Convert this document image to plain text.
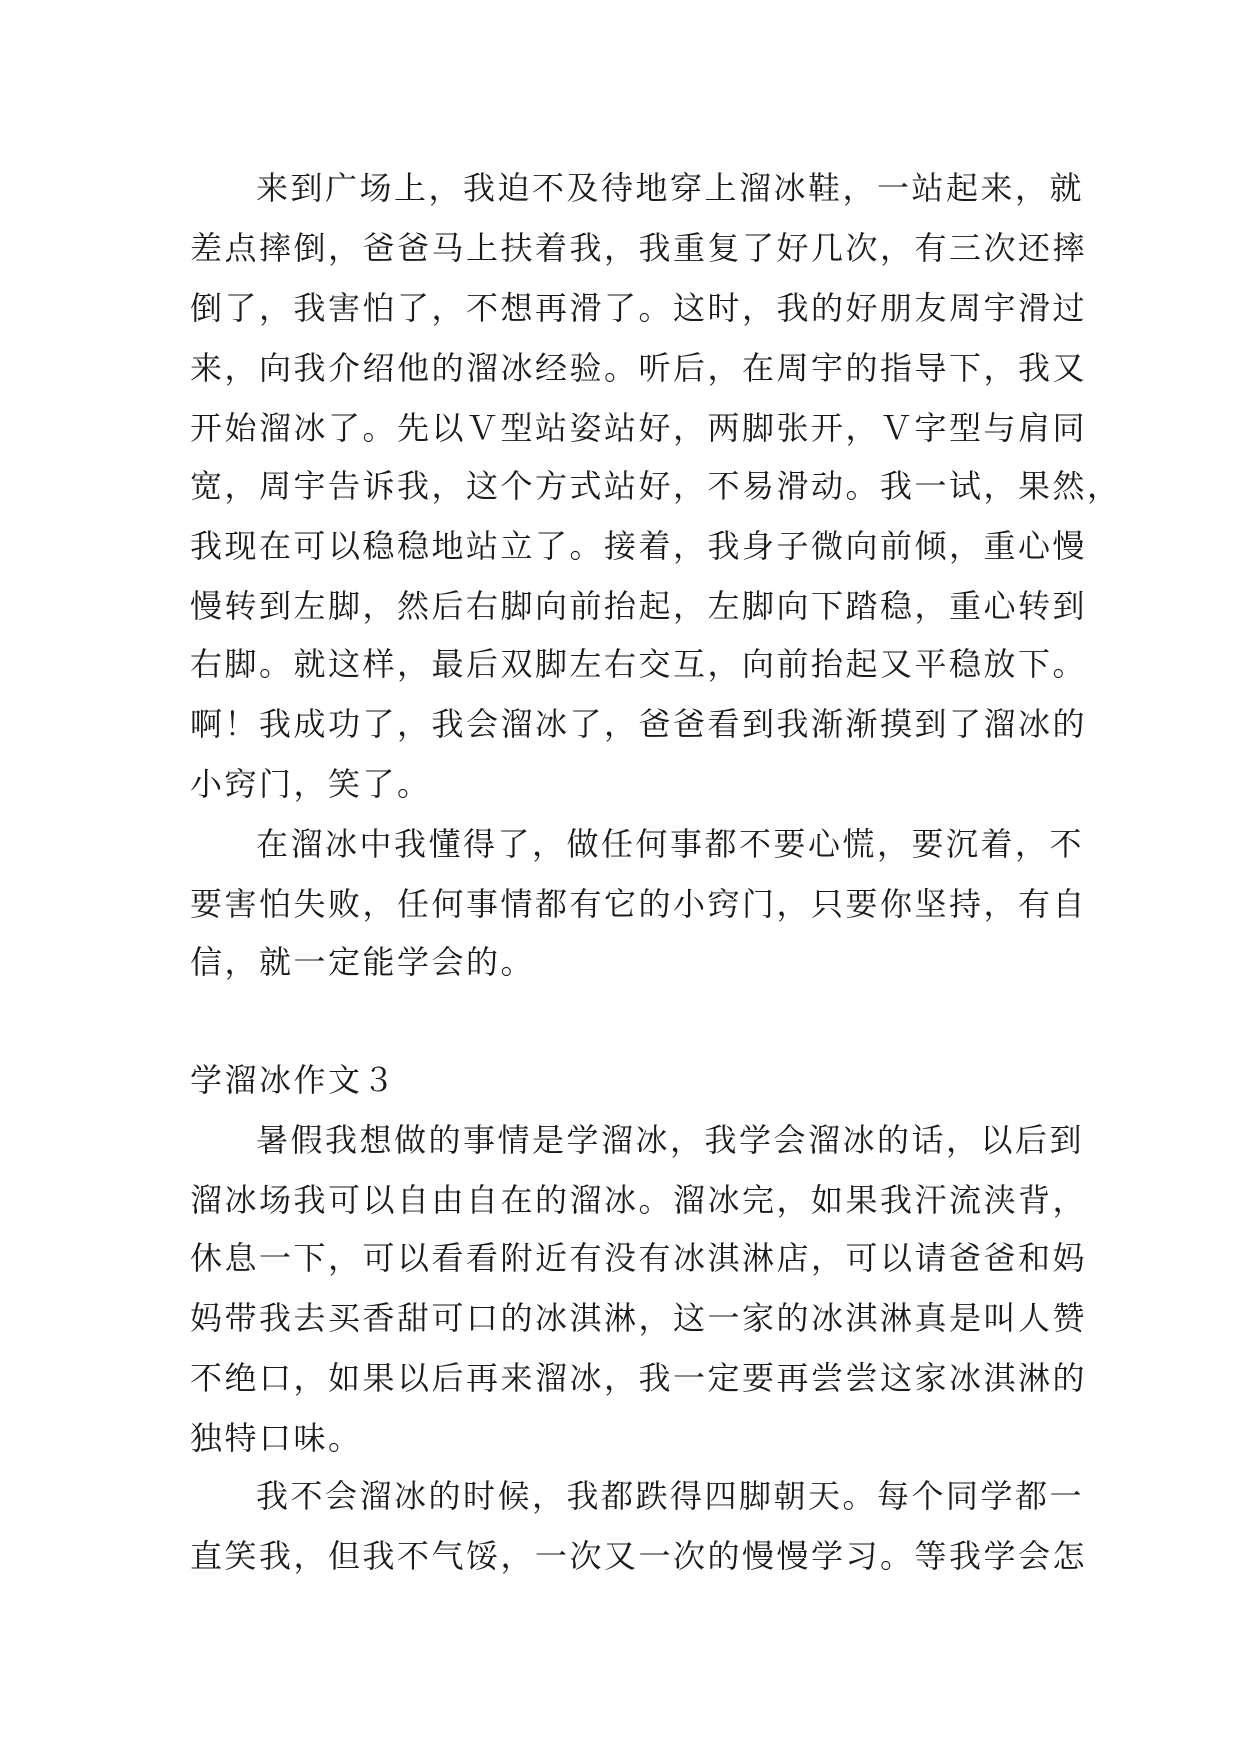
来到广场上，我迫不及待地穿上溜冰鞋，一站起来，就
差点摔倒，爸爸马上扶着我，我重复了好几次，有三次还摔
倒了，我害怕了，不想再滑了。这时，我的好朋友周宇滑过
来，向我介绍他的溜冰经验。听后，在周宇的指导下，我又
开始溜冰了。先以Ｖ型站姿站好，两脚张开，Ｖ字型与肩同
宽，周宇告诉我，这个方式站好，不易滑动。我一试，果然，
我现在可以稳稳地站立了。接着，我身子微向前倾，重心慢
慢转到左脚，然后右脚向前抬起，左脚向下踏稳，重心转到
右脚。就这样，最后双脚左右交互，向前抬起又平稳放下。
啊！我成功了，我会溜冰了，爸爸看到我渐渐摸到了溜冰的
小窍门，笑了。
在溜冰中我懂得了，做任何事都不要心慌，要沉着，不
要害怕失败，任何事情都有它的小窍门，只要你坚持，有自
信，就一定能学会的。
学溜冰作文３
暑假我想做的事情是学溜冰，我学会溜冰的话，以后到
溜冰场我可以自由自在的溜冰。溜冰完，如果我汗流浃背，
休息一下，可以看看附近有没有冰淇淋店，可以请爸爸和妈
妈带我去买香甜可口的冰淇淋，这一家的冰淇淋真是叫人赞
不绝口，如果以后再来溜冰，我一定要再尝尝这家冰淇淋的
独特口味。
我不会溜冰的时候，我都跌得四脚朝天。每个同学都一
直笑我，但我不气馁，一次又一次的慢慢学习。等我学会怎
